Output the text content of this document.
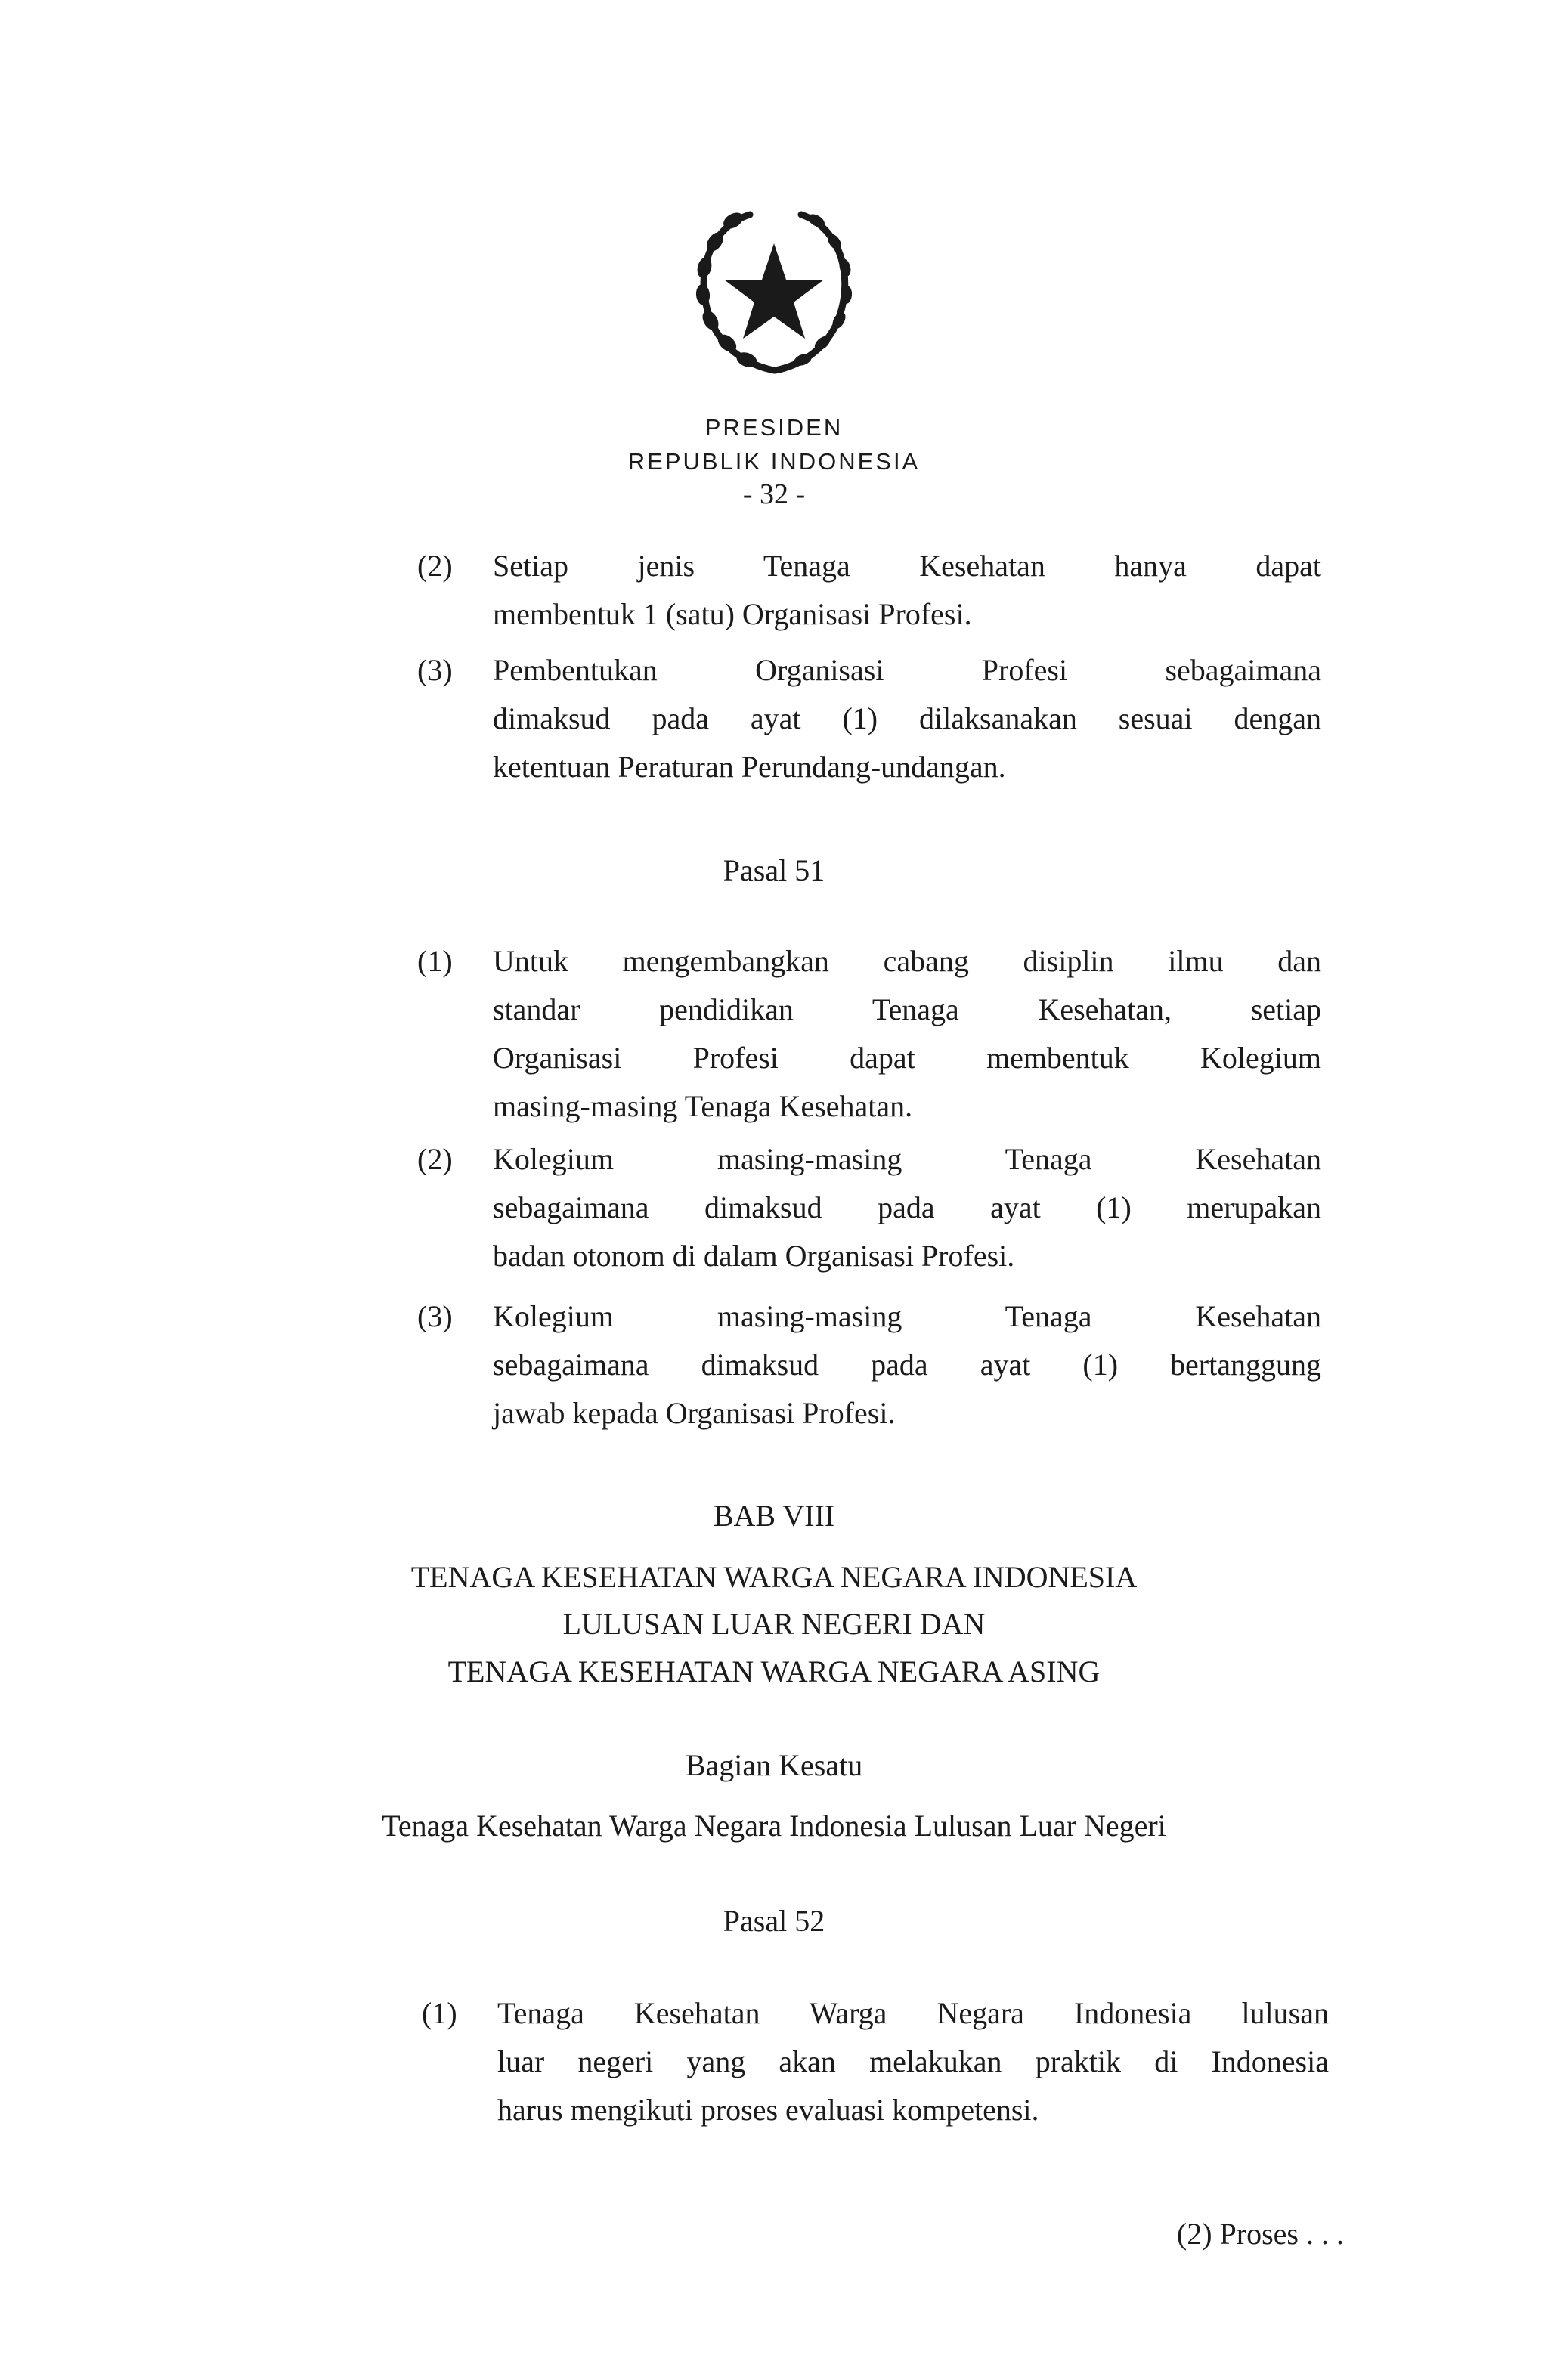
PRESIDEN
REPUBLIK INDONESIA
- 32 -
(2) Setiap jenis Tenaga Kesehatan hanya dapat
membentuk 1 (satu) Organisasi Profesi.
(3) Pembentukan Organisasi Profesi sebagaimana
dimaksud pada ayat (1) dilaksanakan sesuai dengan
ketentuan Peraturan Perundang-undangan.
Pasal 51
(1) Untuk mengembangkan cabang disiplin ilmu dan
standar pendidikan Tenaga Kesehatan, setiap
Organisasi Profesi dapat membentuk Kolegium
masing-masing Tenaga Kesehatan.
(2) Kolegium masing-masing Tenaga Kesehatan
sebagaimana dimaksud pada ayat (1) merupakan
badan otonom di dalam Organisasi Profesi.
(3) Kolegium masing-masing Tenaga Kesehatan
sebagaimana dimaksud pada ayat (1) bertanggung
jawab kepada Organisasi Profesi.
BAB VIII
TENAGA KESEHATAN WARGA NEGARA INDONESIA
LULUSAN LUAR NEGERI DAN
TENAGA KESEHATAN WARGA NEGARA ASING
Bagian Kesatu
Tenaga Kesehatan Warga Negara Indonesia Lulusan Luar Negeri
Pasal 52
(1) Tenaga Kesehatan Warga Negara Indonesia lulusan
luar negeri yang akan melakukan praktik di Indonesia
harus mengikuti proses evaluasi kompetensi.
(2) Proses . . .
